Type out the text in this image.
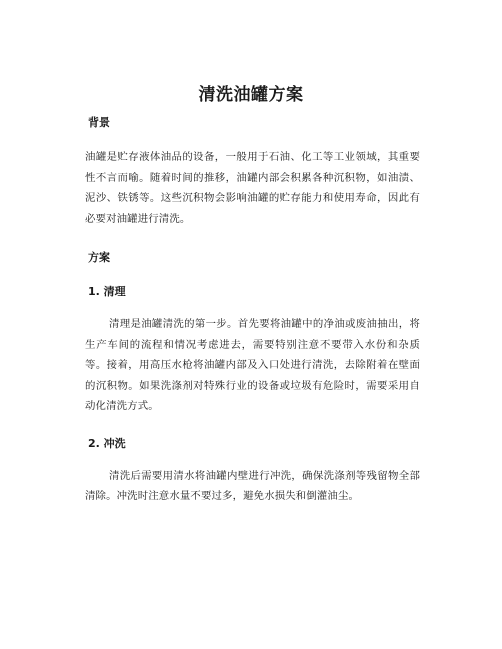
清洗油罐方案

背景

油罐是贮存液体油品的设备，一般用于石油、化工等工业领域，其重要性不言而喻。随着时间的推移，油罐内部会积累各种沉积物，如油渍、泥沙、铁锈等。这些沉积物会影响油罐的贮存能力和使用寿命，因此有必要对油罐进行清洗。

方案

1. 清理

清理是油罐清洗的第一步。首先要将油罐中的净油或废油抽出，将生产车间的流程和情况考虑进去，需要特别注意不要带入水份和杂质等。接着，用高压水枪将油罐内部及入口处进行清洗，去除附着在壁面的沉积物。如果洗涤剂对特殊行业的设备或垃圾有危险时，需要采用自动化清洗方式。

2. 冲洗

清洗后需要用清水将油罐内壁进行冲洗，确保洗涤剂等残留物全部清除。冲洗时注意水量不要过多，避免水损失和倒灌油尘。
